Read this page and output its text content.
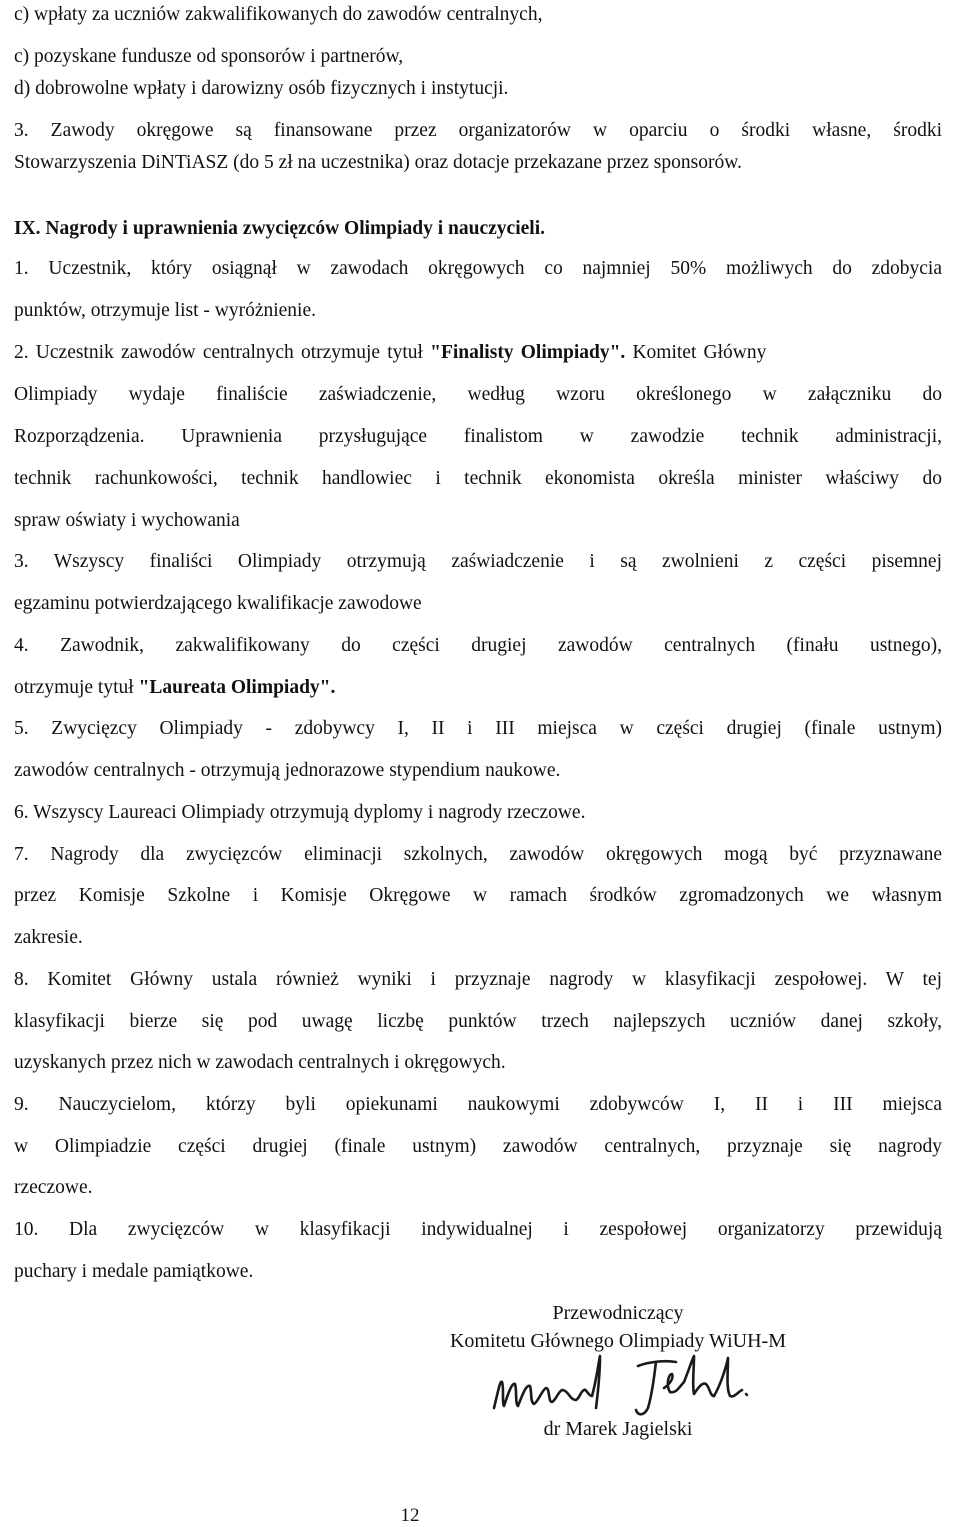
c) wpłaty za uczniów zakwalifikowanych do zawodów centralnych,
c) pozyskane fundusze od sponsorów i partnerów,
d) dobrowolne wpłaty i darowizny osób fizycznych i instytucji.
3. Zawody okręgowe są finansowane przez organizatorów w oparciu o środki własne, środki
Stowarzyszenia DiNTiASZ (do 5 zł na uczestnika) oraz dotacje przekazane przez sponsorów.
IX. Nagrody i uprawnienia zwycięzców Olimpiady i nauczycieli.
1. Uczestnik, który osiągnął w zawodach okręgowych co najmniej 50% możliwych do zdobycia
punktów, otrzymuje list - wyróżnienie.
2. Uczestnik zawodów centralnych otrzymuje tytuł "Finalisty Olimpiady". Komitet Główny
Olimpiady wydaje finaliście zaświadczenie, według wzoru określonego w załączniku do
Rozporządzenia. Uprawnienia przysługujące finalistom w zawodzie technik administracji,
technik rachunkowości, technik handlowiec i technik ekonomista określa minister właściwy do
spraw oświaty i wychowania
3. Wszyscy finaliści Olimpiady otrzymują zaświadczenie i są zwolnieni z części pisemnej
egzaminu potwierdzającego kwalifikacje zawodowe
4. Zawodnik, zakwalifikowany do części drugiej zawodów centralnych (finału ustnego),
otrzymuje tytuł "Laureata Olimpiady".
5. Zwycięzcy Olimpiady - zdobywcy I, II i III miejsca w części drugiej (finale ustnym)
zawodów centralnych - otrzymują jednorazowe stypendium naukowe.
6. Wszyscy Laureaci Olimpiady otrzymują dyplomy i nagrody rzeczowe.
7. Nagrody dla zwycięzców eliminacji szkolnych, zawodów okręgowych mogą być przyznawane
przez Komisje Szkolne i Komisje Okręgowe w ramach środków zgromadzonych we własnym
zakresie.
8. Komitet Główny ustala również wyniki i przyznaje nagrody w klasyfikacji zespołowej. W tej
klasyfikacji bierze się pod uwagę liczbę punktów trzech najlepszych uczniów danej szkoły,
uzyskanych przez nich w zawodach centralnych i okręgowych.
9. Nauczycielom, którzy byli opiekunami naukowymi zdobywców I, II i III miejsca
w Olimpiadzie części drugiej (finale ustnym) zawodów centralnych, przyznaje się nagrody
rzeczowe.
10. Dla zwycięzców w klasyfikacji indywidualnej i zespołowej organizatorzy przewidują
puchary i medale pamiątkowe.
Przewodniczący
Komitetu Głównego Olimpiady WiUH-M
dr Marek Jagielski
12
